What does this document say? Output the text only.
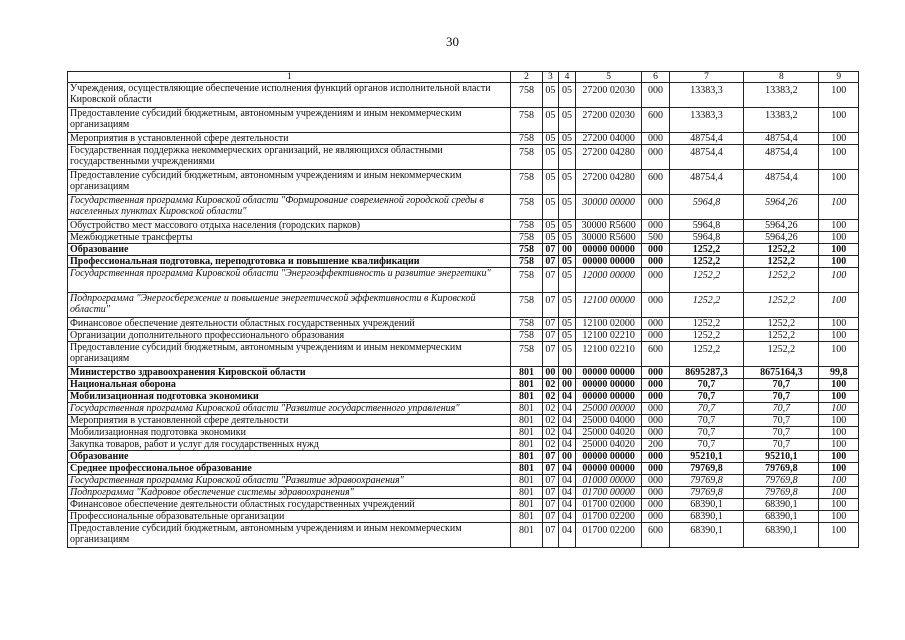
30
1	2	3	4	5	6	7	8	9
Учреждения, осуществляющие обеспечение исполнения функций органов исполнительной власти Кировской области	758	05	05	27200 02030	000	13383,3	13383,2	100
Предоставление субсидий бюджетным, автономным учреждениям и иным некоммерческим организациям	758	05	05	27200 02030	600	13383,3	13383,2	100
Мероприятия в установленной сфере деятельности	758	05	05	27200 04000	000	48754,4	48754,4	100
Государственная поддержка некоммерческих организаций, не являющихся областными государственными учреждениями	758	05	05	27200 04280	000	48754,4	48754,4	100
Предоставление субсидий бюджетным, автономным учреждениям и иным некоммерческим организациям	758	05	05	27200 04280	600	48754,4	48754,4	100
Государственная программа Кировской области "Формирование современной городской среды в населенных пунктах Кировской области"	758	05	05	30000 00000	000	5964,8	5964,26	100
Обустройство мест массового отдыха населения (городских парков)	758	05	05	30000 R5600	000	5964,8	5964,26	100
Межбюджетные трансферты	758	05	05	30000 R5600	500	5964,8	5964,26	100
Образование	758	07	00	00000 00000	000	1252,2	1252,2	100
Профессиональная подготовка, переподготовка и повышение квалификации	758	07	05	00000 00000	000	1252,2	1252,2	100
Государственная программа Кировской области "Энергоэффективность и развитие энергетики"	758	07	05	12000 00000	000	1252,2	1252,2	100
Подпрограмма "Энергосбережение и повышение энергетической эффективности в Кировской области"	758	07	05	12100 00000	000	1252,2	1252,2	100
Финансовое обеспечение деятельности областных государственных учреждений	758	07	05	12100 02000	000	1252,2	1252,2	100
Организации дополнительного профессионального образования	758	07	05	12100 02210	000	1252,2	1252,2	100
Предоставление субсидий бюджетным, автономным учреждениям и иным некоммерческим организациям	758	07	05	12100 02210	600	1252,2	1252,2	100
Министерство здравоохранения Кировской области	801	00	00	00000 00000	000	8695287,3	8675164,3	99,8
Национальная оборона	801	02	00	00000 00000	000	70,7	70,7	100
Мобилизационная подготовка экономики	801	02	04	00000 00000	000	70,7	70,7	100
Государственная программа Кировской области "Развитие государственного управления"	801	02	04	25000 00000	000	70,7	70,7	100
Мероприятия в установленной сфере деятельности	801	02	04	25000 04000	000	70,7	70,7	100
Мобилизационная подготовка экономики	801	02	04	25000 04020	000	70,7	70,7	100
Закупка товаров, работ и услуг для государственных нужд	801	02	04	25000 04020	200	70,7	70,7	100
Образование	801	07	00	00000 00000	000	95210,1	95210,1	100
Среднее профессиональное образование	801	07	04	00000 00000	000	79769,8	79769,8	100
Государственная программа Кировской области "Развитие здравоохранения"	801	07	04	01000 00000	000	79769,8	79769,8	100
Подпрограмма "Кадровое обеспечение системы здравоохранения"	801	07	04	01700 00000	000	79769,8	79769,8	100
Финансовое обеспечение деятельности областных государственных учреждений	801	07	04	01700 02000	000	68390,1	68390,1	100
Профессиональные образовательные организации	801	07	04	01700 02200	000	68390,1	68390,1	100
Предоставление субсидий бюджетным, автономным учреждениям и иным некоммерческим организациям	801	07	04	01700 02200	600	68390,1	68390,1	100
